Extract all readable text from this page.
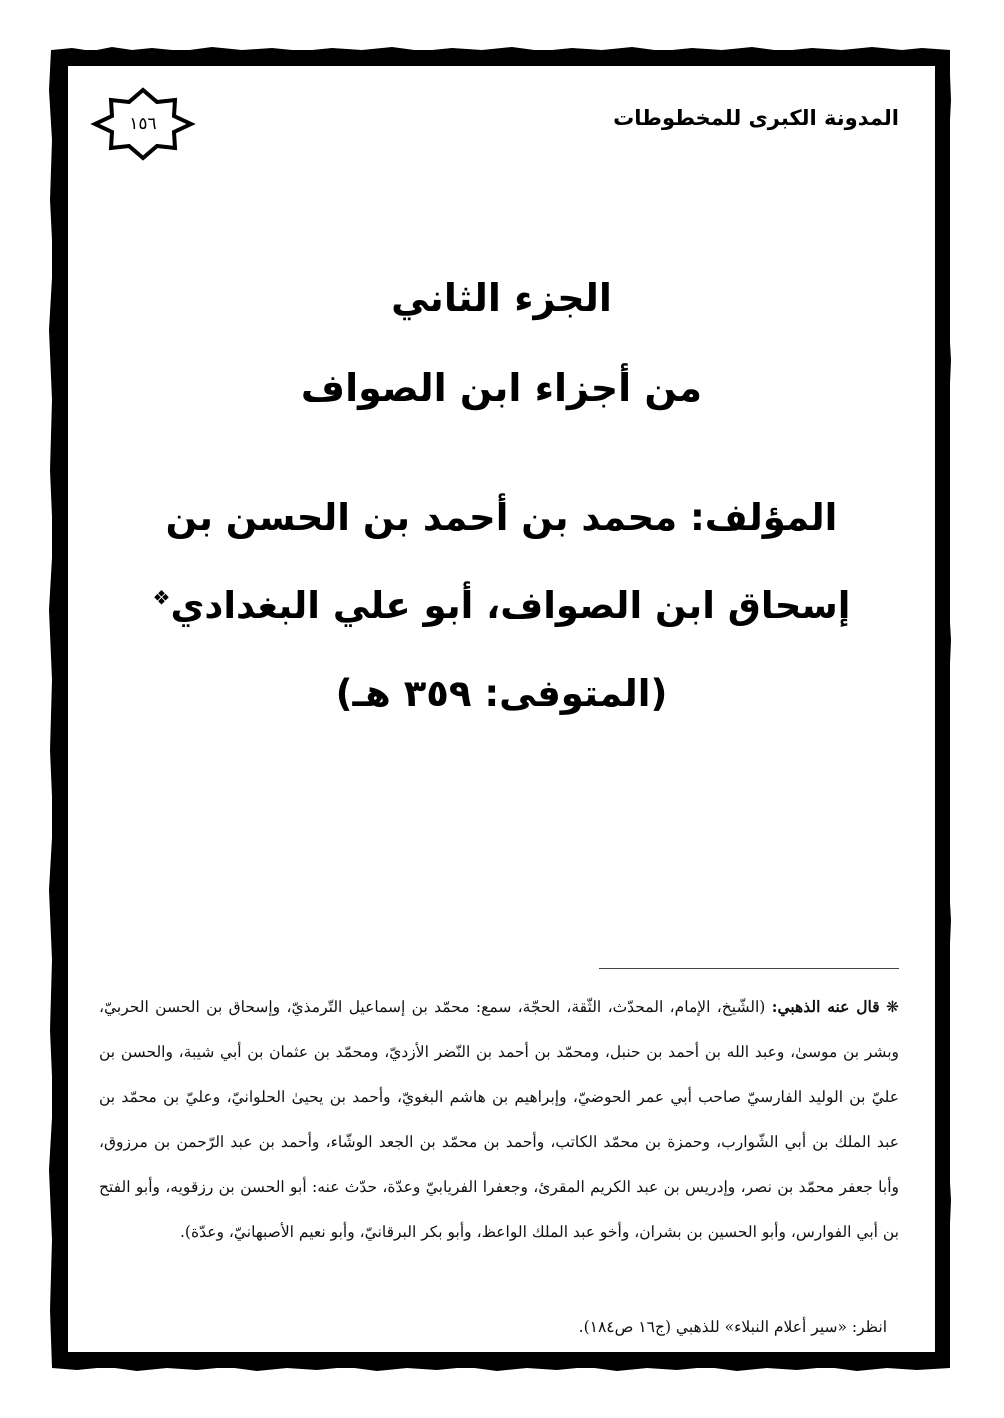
المدونة الكبرى للمخطوطات
١٥٦
الجزء الثاني
من أجزاء ابن الصواف
المؤلف: محمد بن أحمد بن الحسن بن
إسحاق ابن الصواف، أبو علي البغدادي❖
(المتوفى: ٣٥٩ هـ)
❋ قال عنه الذهبي: (الشّيخ، الإمام، المحدّث، الثّقة، الحجّة، سمع: محمّد بن إسماعيل التّرمذيّ، وإسحاق بن الحسن الحربيّ، وبشر بن موسىٰ، وعبد الله بن أحمد بن حنبل، ومحمّد بن أحمد بن النّضر الأزديّ، ومحمّد بن عثمان بن أبي شيبة، والحسن بن عليّ بن الوليد الفارسيّ صاحب أبي عمر الحوضيّ، وإبراهيم بن هاشم البغويّ، وأحمد بن يحيىٰ الحلوانيّ، وعليّ بن محمّد بن عبد الملك بن أبي الشّوارب، وحمزة بن محمّد الكاتب، وأحمد بن محمّد بن الجعد الوشّاء، وأحمد بن عبد الرّحمن بن مرزوق، وأبا جعفر محمّد بن نصر، وإدريس بن عبد الكريم المقرئ، وجعفرا الفريابيّ وعدّة، حدّث عنه: أبو الحسن بن رزقويه، وأبو الفتح بن أبي الفوارس، وأبو الحسين بن بشران، وأخو عبد الملك الواعظ، وأبو بكر البرقانيّ، وأبو نعيم الأصبهانيّ، وعدّة).
انظر: «سير أعلام النبلاء» للذهبي (ج١٦ ص١٨٤).
